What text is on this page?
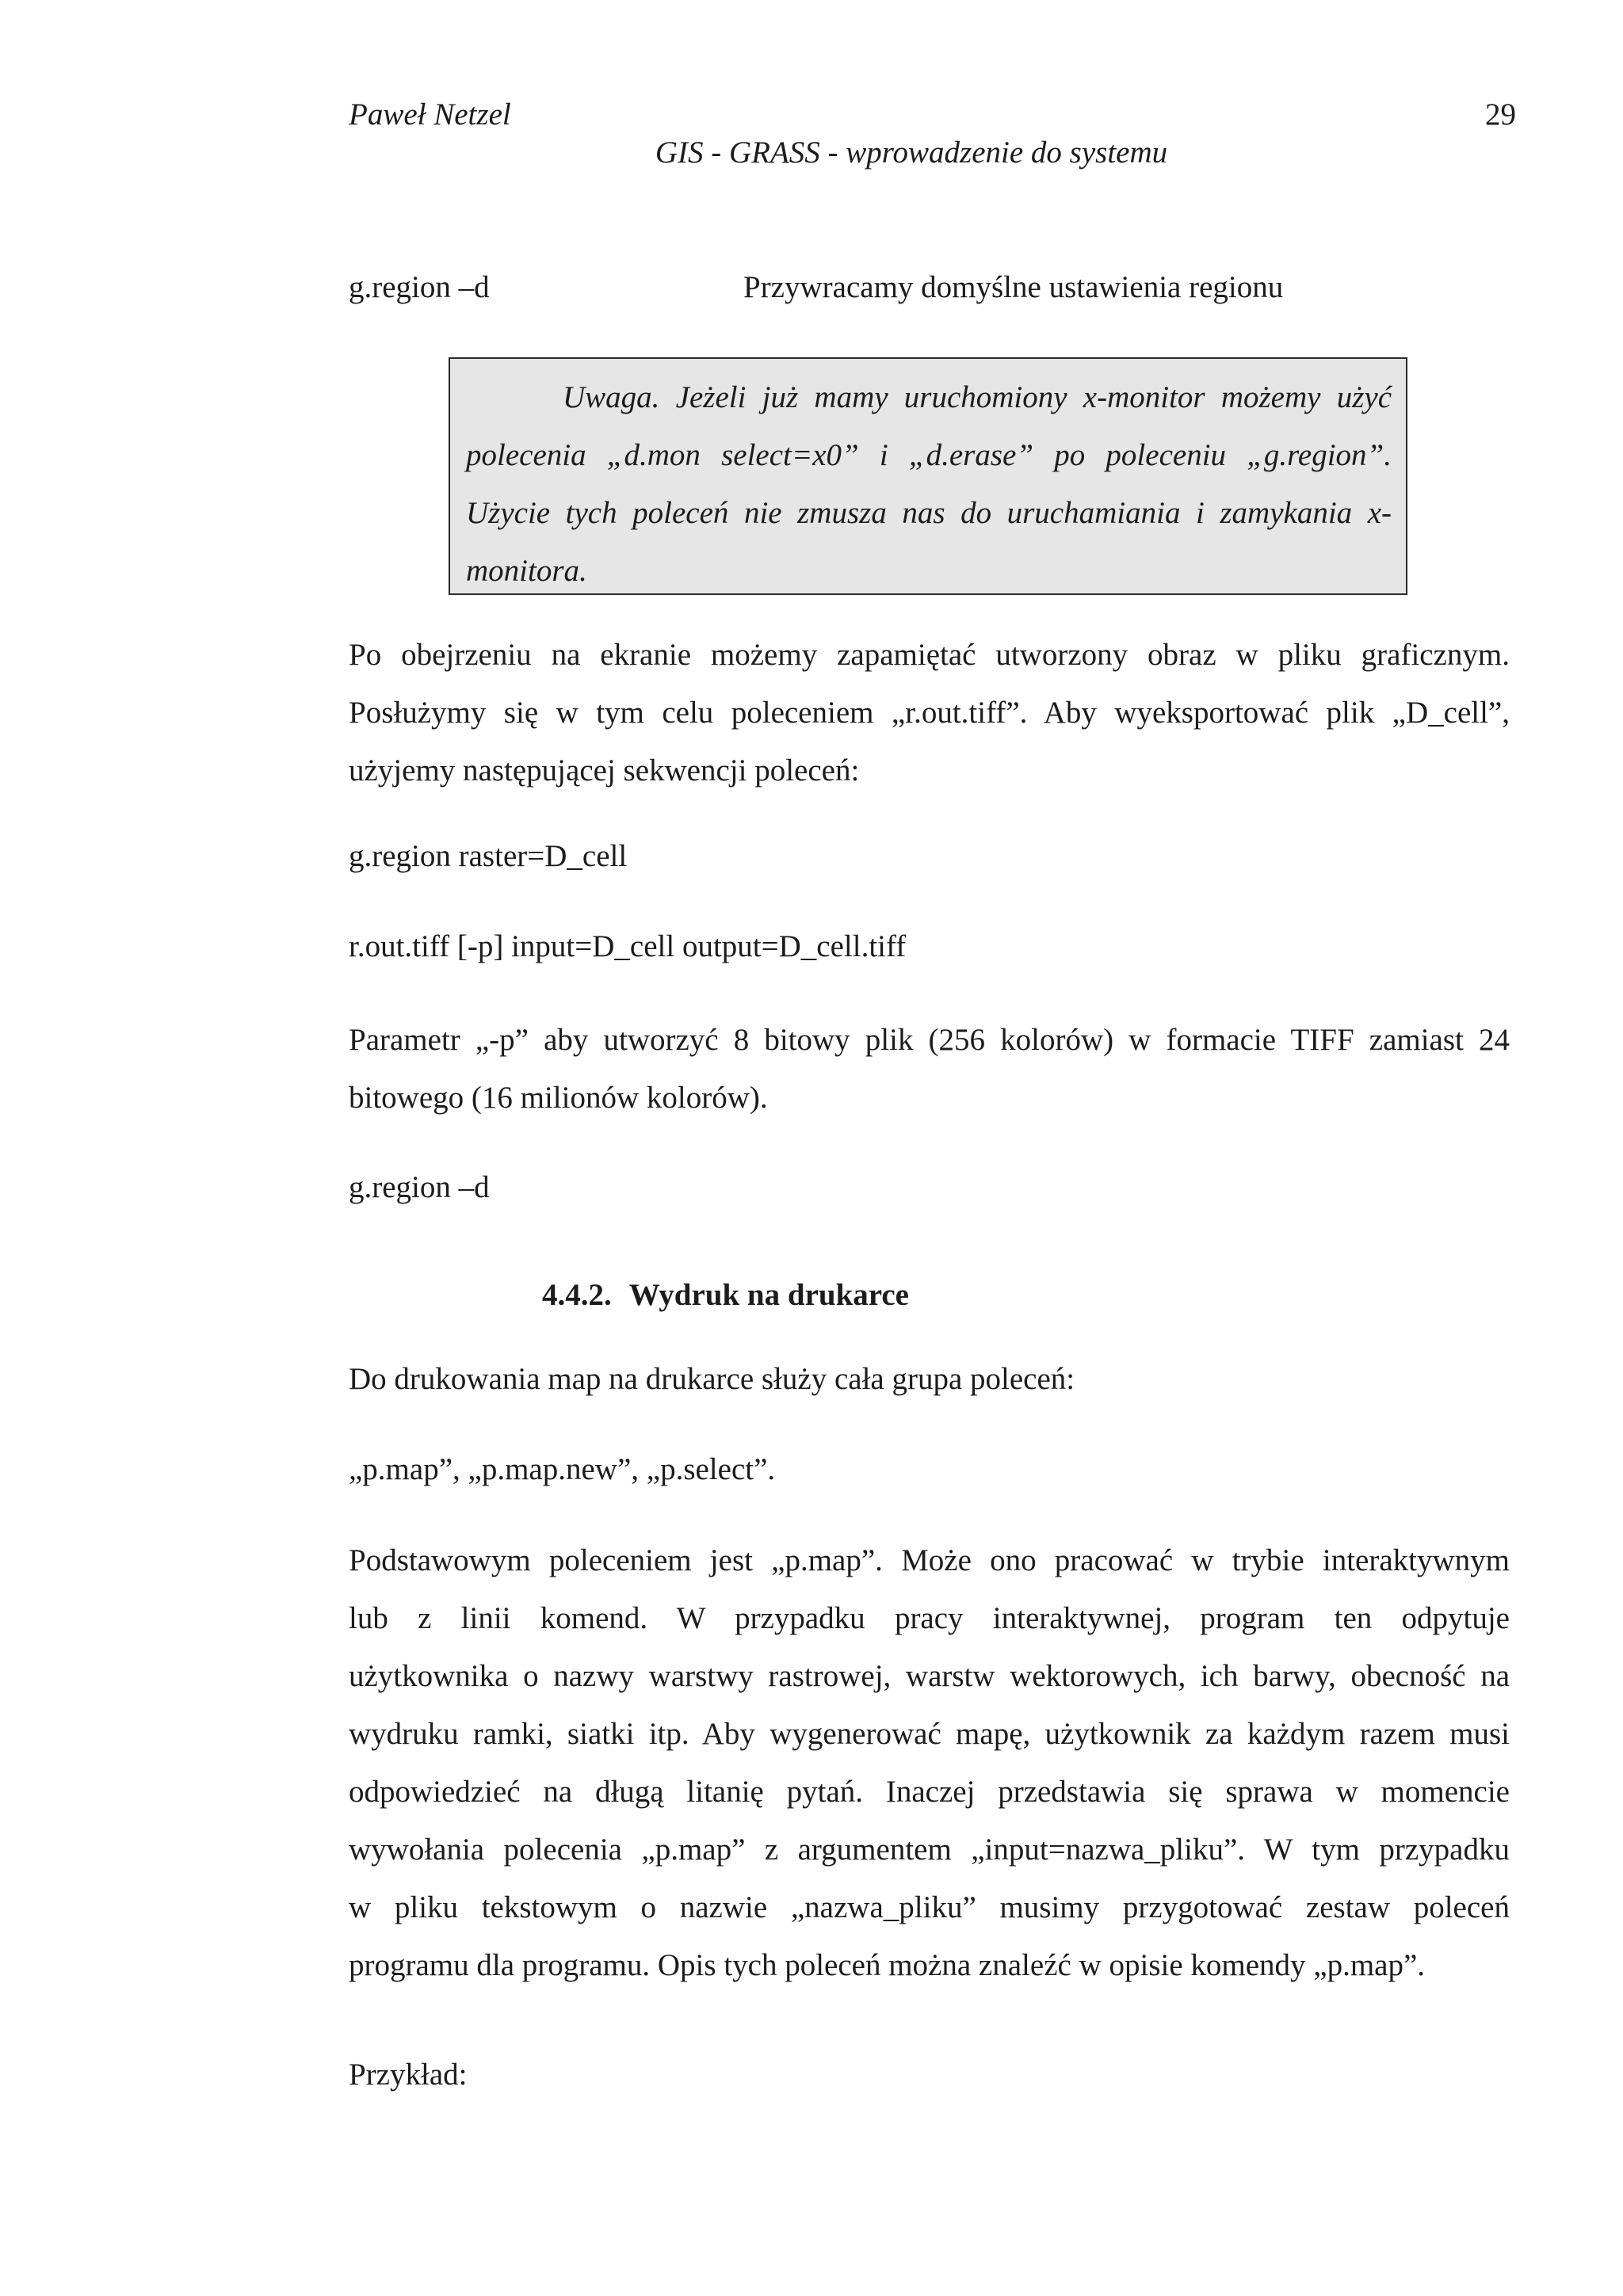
Paweł Netzel	29
GIS - GRASS - wprowadzenie do systemu
g.region –d	Przywracamy domyślne ustawienia regionu
Uwaga. Jeżeli już mamy uruchomiony x-monitor możemy użyć
polecenia „d.mon select=x0” i „d.erase” po poleceniu „g.region”.
Użycie tych poleceń nie zmusza nas do uruchamiania i zamykania x-
monitora.
Po obejrzeniu na ekranie możemy zapamiętać utworzony obraz w pliku graficznym.
Posłużymy się w tym celu poleceniem „r.out.tiff”. Aby wyeksportować plik „D_cell”,
użyjemy następującej sekwencji poleceń:
g.region raster=D_cell
r.out.tiff [-p] input=D_cell output=D_cell.tiff
Parametr „-p” aby utworzyć 8 bitowy plik (256 kolorów) w formacie TIFF zamiast 24
bitowego (16 milionów kolorów).
g.region –d
4.4.2. Wydruk na drukarce
Do drukowania map na drukarce służy cała grupa poleceń:
„p.map”, „p.map.new”, „p.select”.
Podstawowym poleceniem jest „p.map”. Może ono pracować w trybie interaktywnym
lub z linii komend. W przypadku pracy interaktywnej, program ten odpytuje
użytkownika o nazwy warstwy rastrowej, warstw wektorowych, ich barwy, obecność na
wydruku ramki, siatki itp. Aby wygenerować mapę, użytkownik za każdym razem musi
odpowiedzieć na długą litanię pytań. Inaczej przedstawia się sprawa w momencie
wywołania polecenia „p.map” z argumentem „input=nazwa_pliku”. W tym przypadku
w pliku tekstowym o nazwie „nazwa_pliku” musimy przygotować zestaw poleceń
programu dla programu. Opis tych poleceń można znaleźć w opisie komendy „p.map”.
Przykład:
